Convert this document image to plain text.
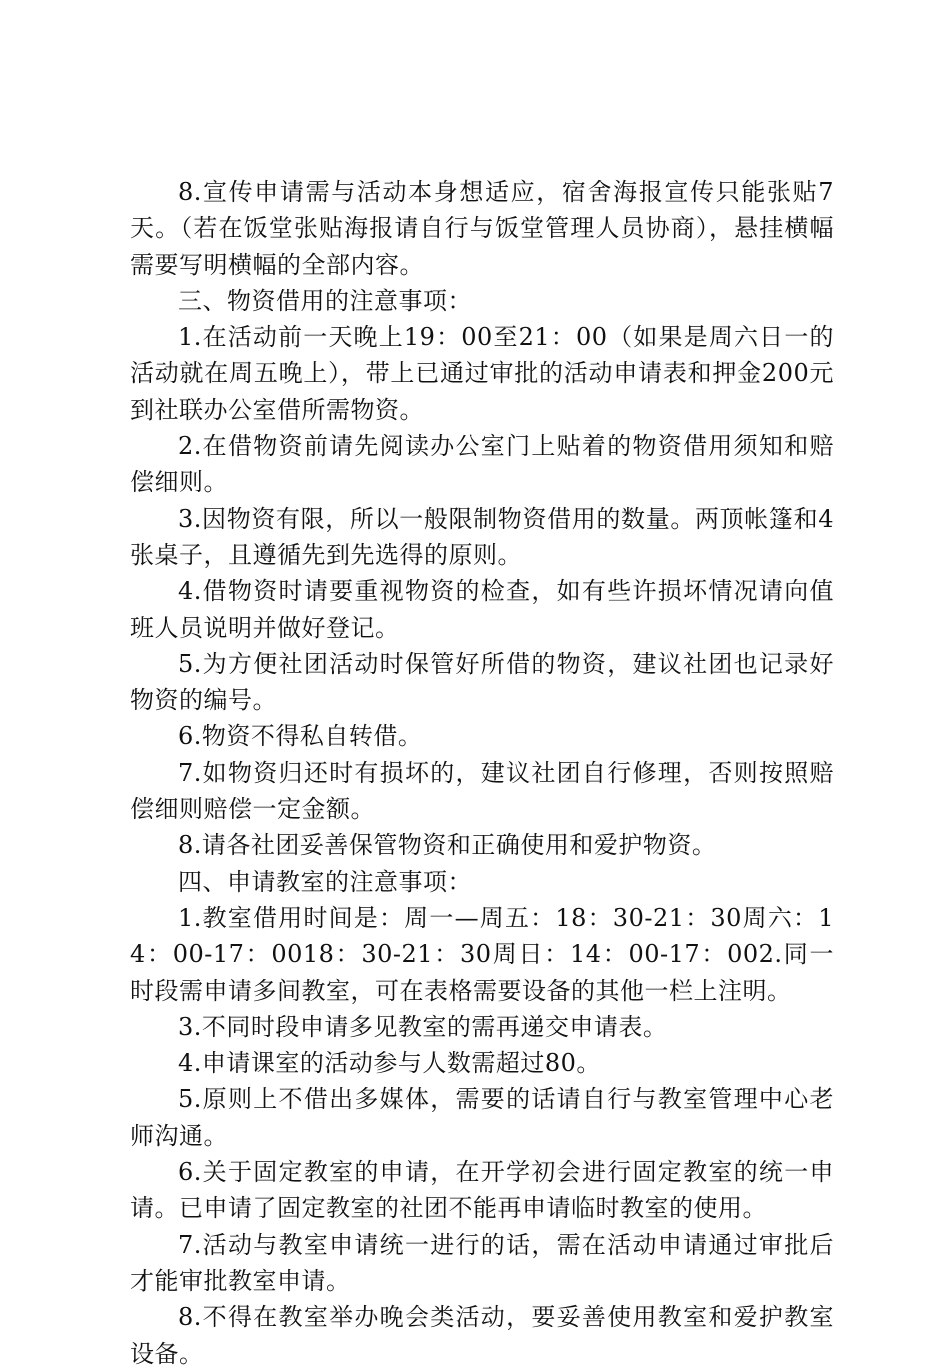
8.宣传申请需与活动本身想适应，宿舍海报宣传只能张贴7天。（若在饭堂张贴海报请自行与饭堂管理人员协商），悬挂横幅需要写明横幅的全部内容。

三、物资借用的注意事项：

1.在活动前一天晚上19：00至21：00（如果是周六日一的活动就在周五晚上），带上已通过审批的活动申请表和押金200元到社联办公室借所需物资。

2.在借物资前请先阅读办公室门上贴着的物资借用须知和赔偿细则。

3.因物资有限，所以一般限制物资借用的数量。两顶帐篷和4张桌子，且遵循先到先选得的原则。

4.借物资时请要重视物资的检查，如有些许损坏情况请向值班人员说明并做好登记。

5.为方便社团活动时保管好所借的物资，建议社团也记录好物资的编号。

6.物资不得私自转借。

7.如物资归还时有损坏的，建议社团自行修理，否则按照赔偿细则赔偿一定金额。

8.请各社团妥善保管物资和正确使用和爱护物资。

四、申请教室的注意事项：

1.教室借用时间是：周一—周五：18：30-21：30周六：14：00-17：0018：30-21：30周日：14：00-17：002.同一时段需申请多间教室，可在表格需要设备的其他一栏上注明。

3.不同时段申请多见教室的需再递交申请表。

4.申请课室的活动参与人数需超过80。

5.原则上不借出多媒体，需要的话请自行与教室管理中心老师沟通。

6.关于固定教室的申请，在开学初会进行固定教室的统一申请。已申请了固定教室的社团不能再申请临时教室的使用。

7.活动与教室申请统一进行的话，需在活动申请通过审批后才能审批教室申请。

8.不得在教室举办晚会类活动，要妥善使用教室和爱护教室设备。
